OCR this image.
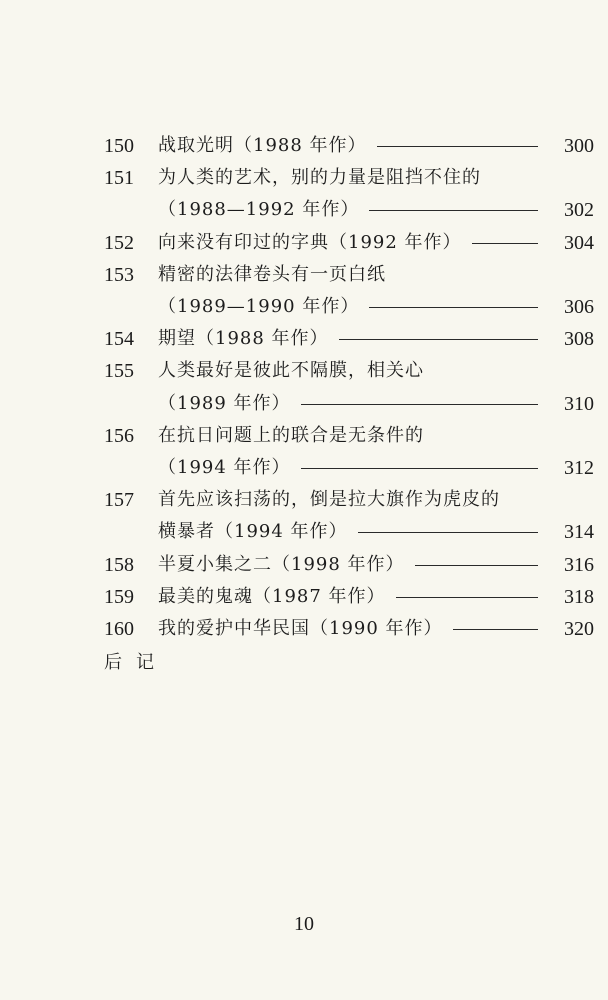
150	战取光明（1988 年作）	300
151	为人类的艺术，别的力量是阻挡不住的
（1988—1992 年作）	302
152	向来没有印过的字典（1992 年作）	304
153	精密的法律卷头有一页白纸
（1989—1990 年作）	306
154	期望（1988 年作）	308
155	人类最好是彼此不隔膜，相关心
（1989 年作）	310
156	在抗日问题上的联合是无条件的
（1994 年作）	312
157	首先应该扫荡的，倒是拉大旗作为虎皮的
横暴者（1994 年作）	314
158	半夏小集之二（1998 年作）	316
159	最美的鬼魂（1987 年作）	318
160	我的爱护中华民国（1990 年作）	320
后记
10
